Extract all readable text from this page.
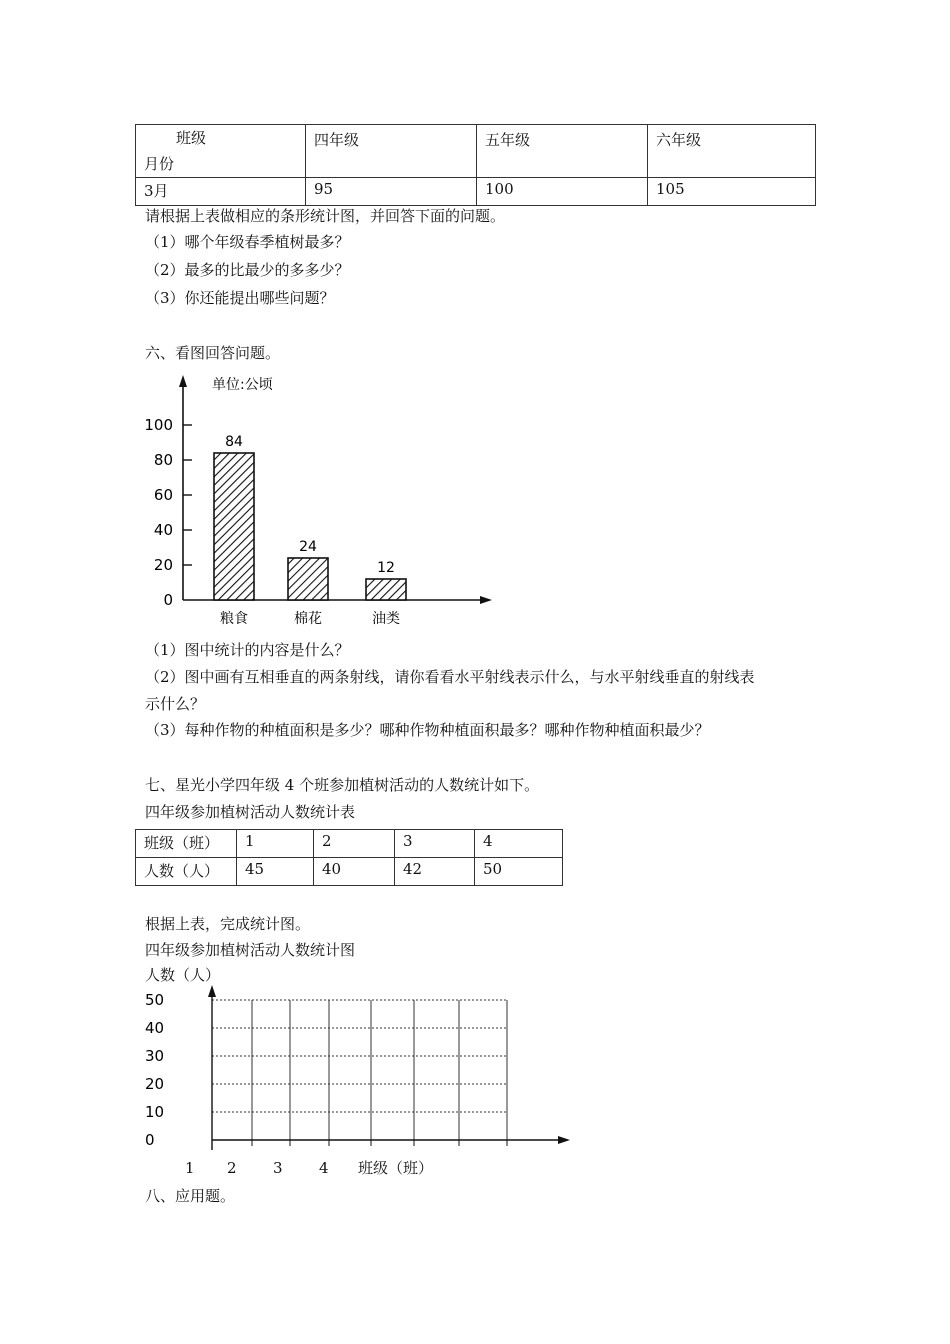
班级
月份	四年级	五年级	六年级
3月	95	100	105
请根据上表做相应的条形统计图，并回答下面的问题。
（1）哪个年级春季植树最多？
（2）最多的比最少的多多少？
（3）你还能提出哪些问题？
六、看图回答问题。
0
20
40
60
80
100
84
粮食
24
棉花
12
油类
单位:公顷
（1）图中统计的内容是什么？
（2）图中画有互相垂直的两条射线，请你看看水平射线表示什么，与水平射线垂直的射线表
示什么？
（3）每种作物的种植面积是多少？哪种作物种植面积最多？哪种作物种植面积最少？
七、星光小学四年级 4 个班参加植树活动的人数统计如下。
四年级参加植树活动人数统计表
班级（班）	1	2	3	4
人数（人）	45	40	42	50
根据上表，完成统计图。
四年级参加植树活动人数统计图
人数（人）
50
40
30
20
10
0
1 2 3 4 班级（班）
八、应用题。
